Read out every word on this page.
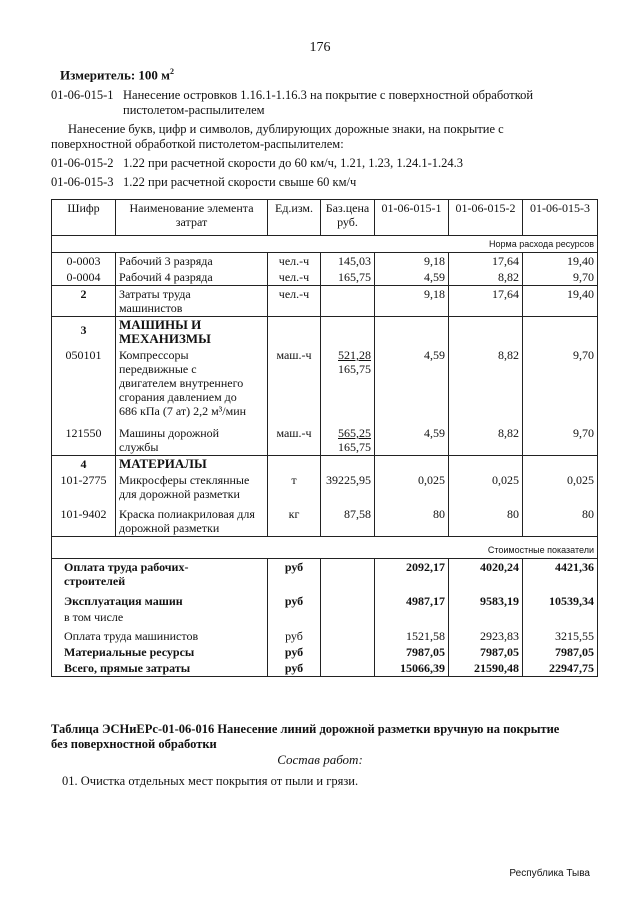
176
Измеритель: 100 $м^2$
01-06-015-1 Нанесение островков 1.16.1-1.16.3 на покрытие с поверхностной обработкой
пистолетом-распылителем
Нанесение букв, цифр и символов, дублирующих дорожные знаки, на покрытие с
поверхностной обработкой пистолетом-распылителем:
01-06-015-2 1.22 при расчетной скорости до 60 км/ч, 1.21, 1.23, 1.24.1-1.24.3
01-06-015-3 1.22 при расчетной скорости свыше 60 км/ч
Шифр	Наименование элемента затрат	Ед.изм.	Баз.цена руб.	01-06-015-1	01-06-015-2	01-06-015-3
Норма расхода ресурсов						
0-0003	Рабочий 3 разряда	чел.-ч	145,03	9,18	17,64	19,40
0-0004	Рабочий 4 разряда	чел.-ч	165,75	4,59	8,82	9,70
2	Затраты труда
машинистов	чел.-ч		9,18	17,64	19,40
3	МАШИНЫ И
МЕХАНИЗМЫ					
050101	Компрессоры
передвижные с
двигателем внутреннего
сгорания давлением до
686 кПа (7 ат) 2,2 м³/мин	маш.-ч	521,28
165,75	4,59	8,82	9,70
121550	Машины дорожной
службы	маш.-ч	565,25
165,75	4,59	8,82	9,70
4	МАТЕРИАЛЫ					
101-2775	Микросферы стеклянные
для дорожной разметки	т	39225,95	0,025	0,025	0,025
101-9402	Краска полиакриловая для
дорожной разметки	кг	87,58	80	80	80
Стоимостные показатели						
Оплата труда рабочих-
строителей		руб		2092,17	4020,24	4421,36
Эксплуатация машин		руб		4987,17	9583,19	10539,34
в том числе						
Оплата труда машинистов		руб		1521,58	2923,83	3215,55
Материальные ресурсы		руб		7987,05	7987,05	7987,05
Всего, прямые затраты		руб		15066,39	21590,48	22947,75
Таблица ЭСНиЕРс-01-06-016 Нанесение линий дорожной разметки вручную на покрытие
без поверхностной обработки
Состав работ:
01. Очистка отдельных мест покрытия от пыли и грязи.
Республика Тыва
